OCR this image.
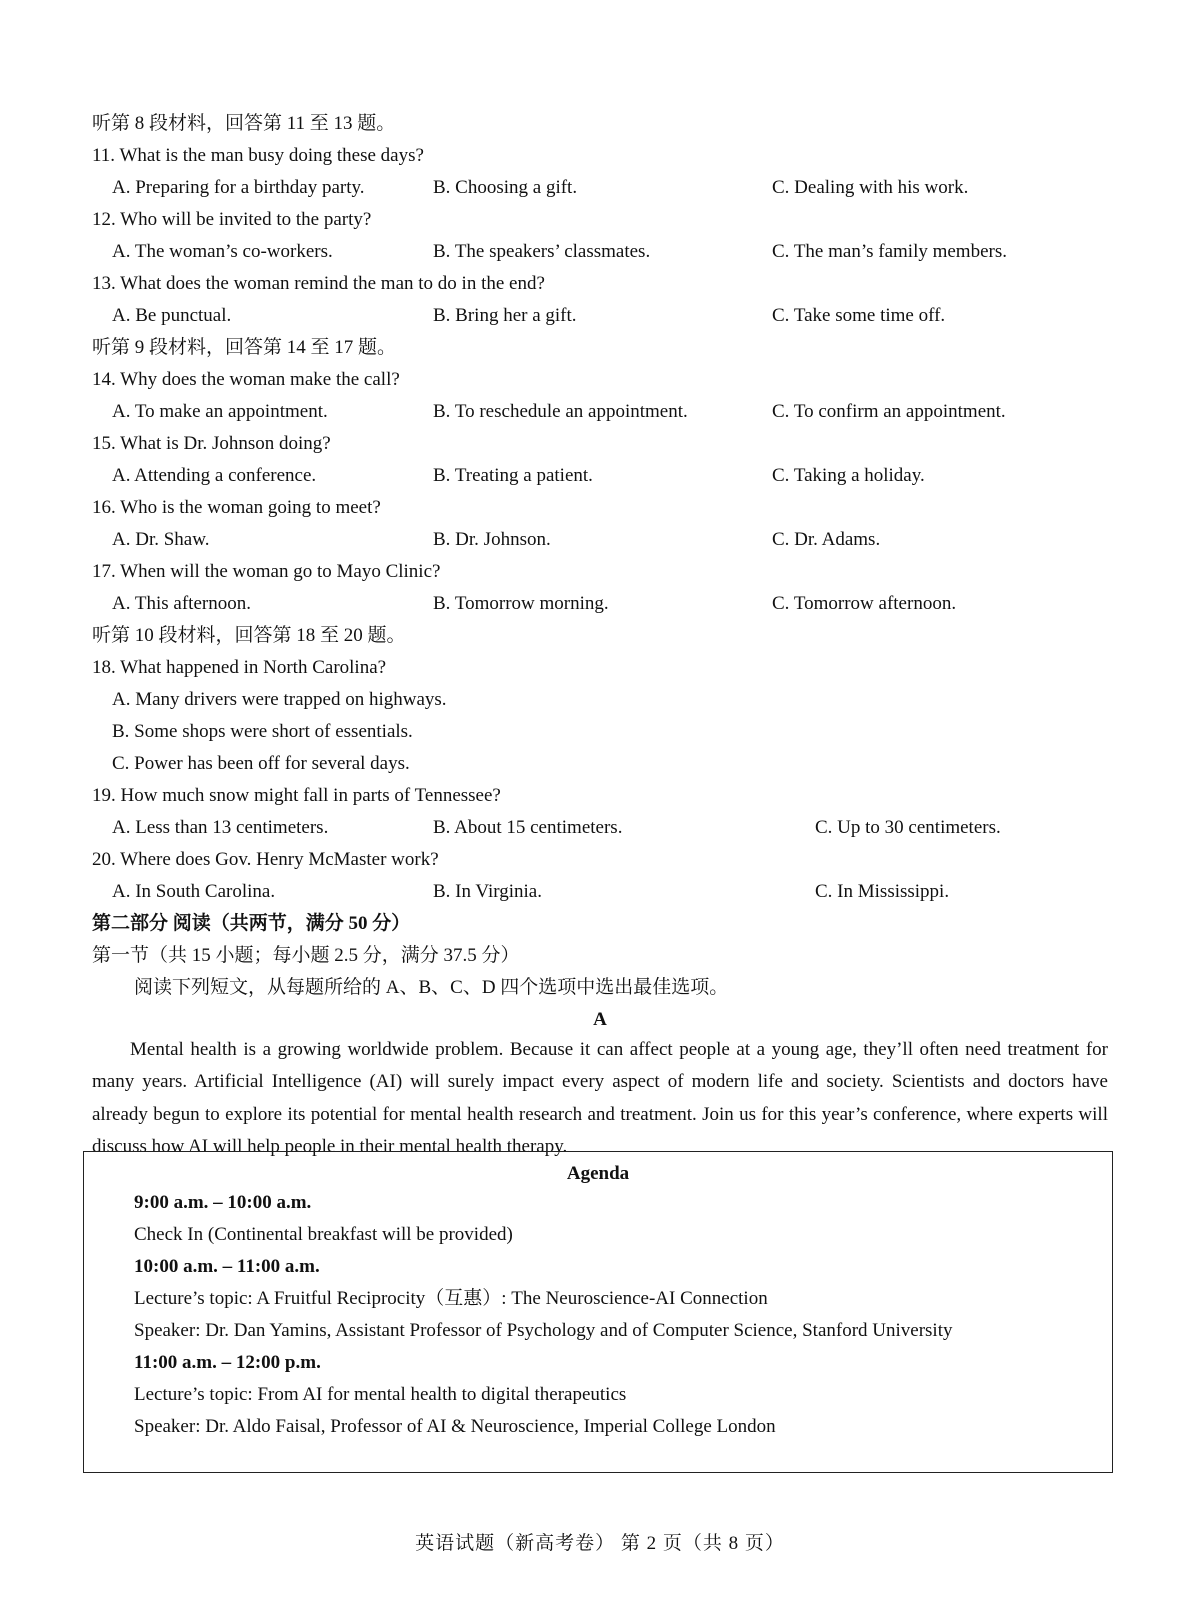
听第 8 段材料，回答第 11 至 13 题。
11. What is the man busy doing these days?
A. Preparing for a birthday party.	B. Choosing a gift.	C. Dealing with his work.
12. Who will be invited to the party?
A. The woman’s co-workers.	B. The speakers’ classmates.	C. The man’s family members.
13. What does the woman remind the man to do in the end?
A. Be punctual.	B. Bring her a gift.	C. Take some time off.
听第 9 段材料，回答第 14 至 17 题。
14. Why does the woman make the call?
A. To make an appointment.	B. To reschedule an appointment.	C. To confirm an appointment.
15. What is Dr. Johnson doing?
A. Attending a conference.	B. Treating a patient.	C. Taking a holiday.
16. Who is the woman going to meet?
A. Dr. Shaw.	B. Dr. Johnson.	C. Dr. Adams.
17. When will the woman go to Mayo Clinic?
A. This afternoon.	B. Tomorrow morning.	C. Tomorrow afternoon.
听第 10 段材料，回答第 18 至 20 题。
18. What happened in North Carolina?
A. Many drivers were trapped on highways.
B. Some shops were short of essentials.
C. Power has been off for several days.
19. How much snow might fall in parts of Tennessee?
A. Less than 13 centimeters.	B. About 15 centimeters.	C. Up to 30 centimeters.
20. Where does Gov. Henry McMaster work?
A. In South Carolina.	B. In Virginia.	C. In Mississippi.
第二部分 阅读（共两节，满分 50 分）
第一节（共 15 小题；每小题 2.5 分，满分 37.5 分）
阅读下列短文，从每题所给的 A、B、C、D 四个选项中选出最佳选项。
A
Mental health is a growing worldwide problem. Because it can affect people at a young age, they’ll often need treatment for many years. Artificial Intelligence (AI) will surely impact every aspect of modern life and society. Scientists and doctors have already begun to explore its potential for mental health research and treatment. Join us for this year’s conference, where experts will discuss how AI will help people in their mental health therapy.
Agenda
9:00 a.m. – 10:00 a.m.
Check In (Continental breakfast will be provided)
10:00 a.m. – 11:00 a.m.
Lecture’s topic: A Fruitful Reciprocity（互惠）: The Neuroscience-AI Connection
Speaker: Dr. Dan Yamins, Assistant Professor of Psychology and of Computer Science, Stanford University
11:00 a.m. – 12:00 p.m.
Lecture’s topic: From AI for mental health to digital therapeutics
Speaker: Dr. Aldo Faisal, Professor of AI & Neuroscience, Imperial College London
英语试题（新高考卷） 第 2 页（共 8 页）
